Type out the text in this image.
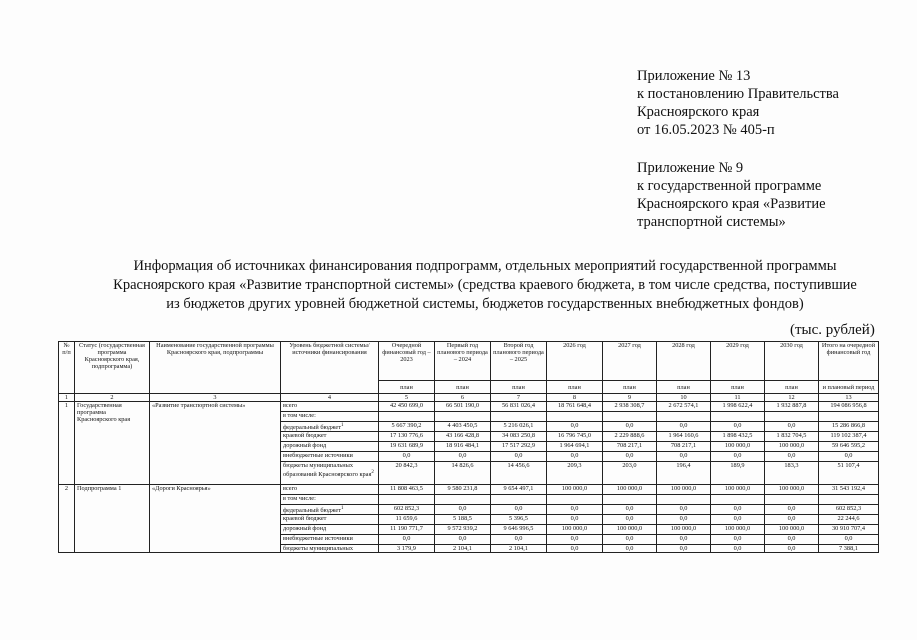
Приложение № 13
к постановлению Правительства
Красноярского края
от 16.05.2023 № 405-п
Приложение № 9
к государственной программе
Красноярского края «Развитие
транспортной системы»
Информация об источниках финансирования подпрограмм, отдельных мероприятий государственной программы
Красноярского края «Развитие транспортной системы» (средства краевого бюджета, в том числе средства, поступившие
из бюджетов других уровней бюджетной системы, бюджетов государственных внебюджетных фондов)
(тыс. рублей)
№ п/п	Статус (государственная программа Красноярского края, подпрограмма)	Наименование государственной программы Красноярского края, подпрограммы	Уровень бюджетной системы/источники финансирования	Очередной финансовый год – 2023	Первый год планового периода – 2024	Второй год планового периода – 2025	2026 год	2027 год	2028 год	2029 год	2030 год	Итого на очередной финансовый год
				план	план	план	план	план	план	план	план	и плановый период
1	2	3	4	5	6	7	8	9	10	11	12	13
1	Государственная программа Красноярского края	«Развитие транспортной системы»	всего	42 450 699,0	66 501 190,0	56 831 026,4	18 761 648,4	2 938 308,7	2 672 574,1	1 998 622,4	1 932 887,8	194 086 956,8
			в том числе:									
			федеральный бюджет$^1$	5 667 390,2	4 403 450,5	5 216 026,1	0,0	0,0	0,0	0,0	0,0	15 286 866,8
			краевой бюджет	17 130 776,6	43 166 428,8	34 083 250,8	16 796 745,0	2 229 888,6	1 964 160,6	1 898 432,5	1 832 704,5	119 102 387,4
			дорожный фонд	19 631 689,9	18 916 484,1	17 517 292,9	1 964 694,1	708 217,1	708 217,1	100 000,0	100 000,0	59 646 595,2
			внебюджетные источники	0,0	0,0	0,0	0,0	0,0	0,0	0,0	0,0	0,0
			бюджеты муниципальных образований Красноярского края$^2$	20 842,3	14 826,6	14 456,6	209,3	203,0	196,4	189,9	183,3	51 107,4
2	Подпрограмма 1	«Дороги Красноярья»	всего	11 808 463,5	9 580 231,8	9 654 497,1	100 000,0	100 000,0	100 000,0	100 000,0	100 000,0	31 543 192,4
			в том числе:									
			федеральный бюджет$^1$	602 852,3	0,0	0,0	0,0	0,0	0,0	0,0	0,0	602 852,3
			краевой бюджет	11 659,6	5 188,5	5 396,5	0,0	0,0	0,0	0,0	0,0	22 244,6
			дорожный фонд	11 190 771,7	9 572 939,2	9 646 996,5	100 000,0	100 000,0	100 000,0	100 000,0	100 000,0	30 910 707,4
			внебюджетные источники	0,0	0,0	0,0	0,0	0,0	0,0	0,0	0,0	0,0
			бюджеты муниципальных	3 179,9	2 104,1	2 104,1	0,0	0,0	0,0	0,0	0,0	7 388,1
